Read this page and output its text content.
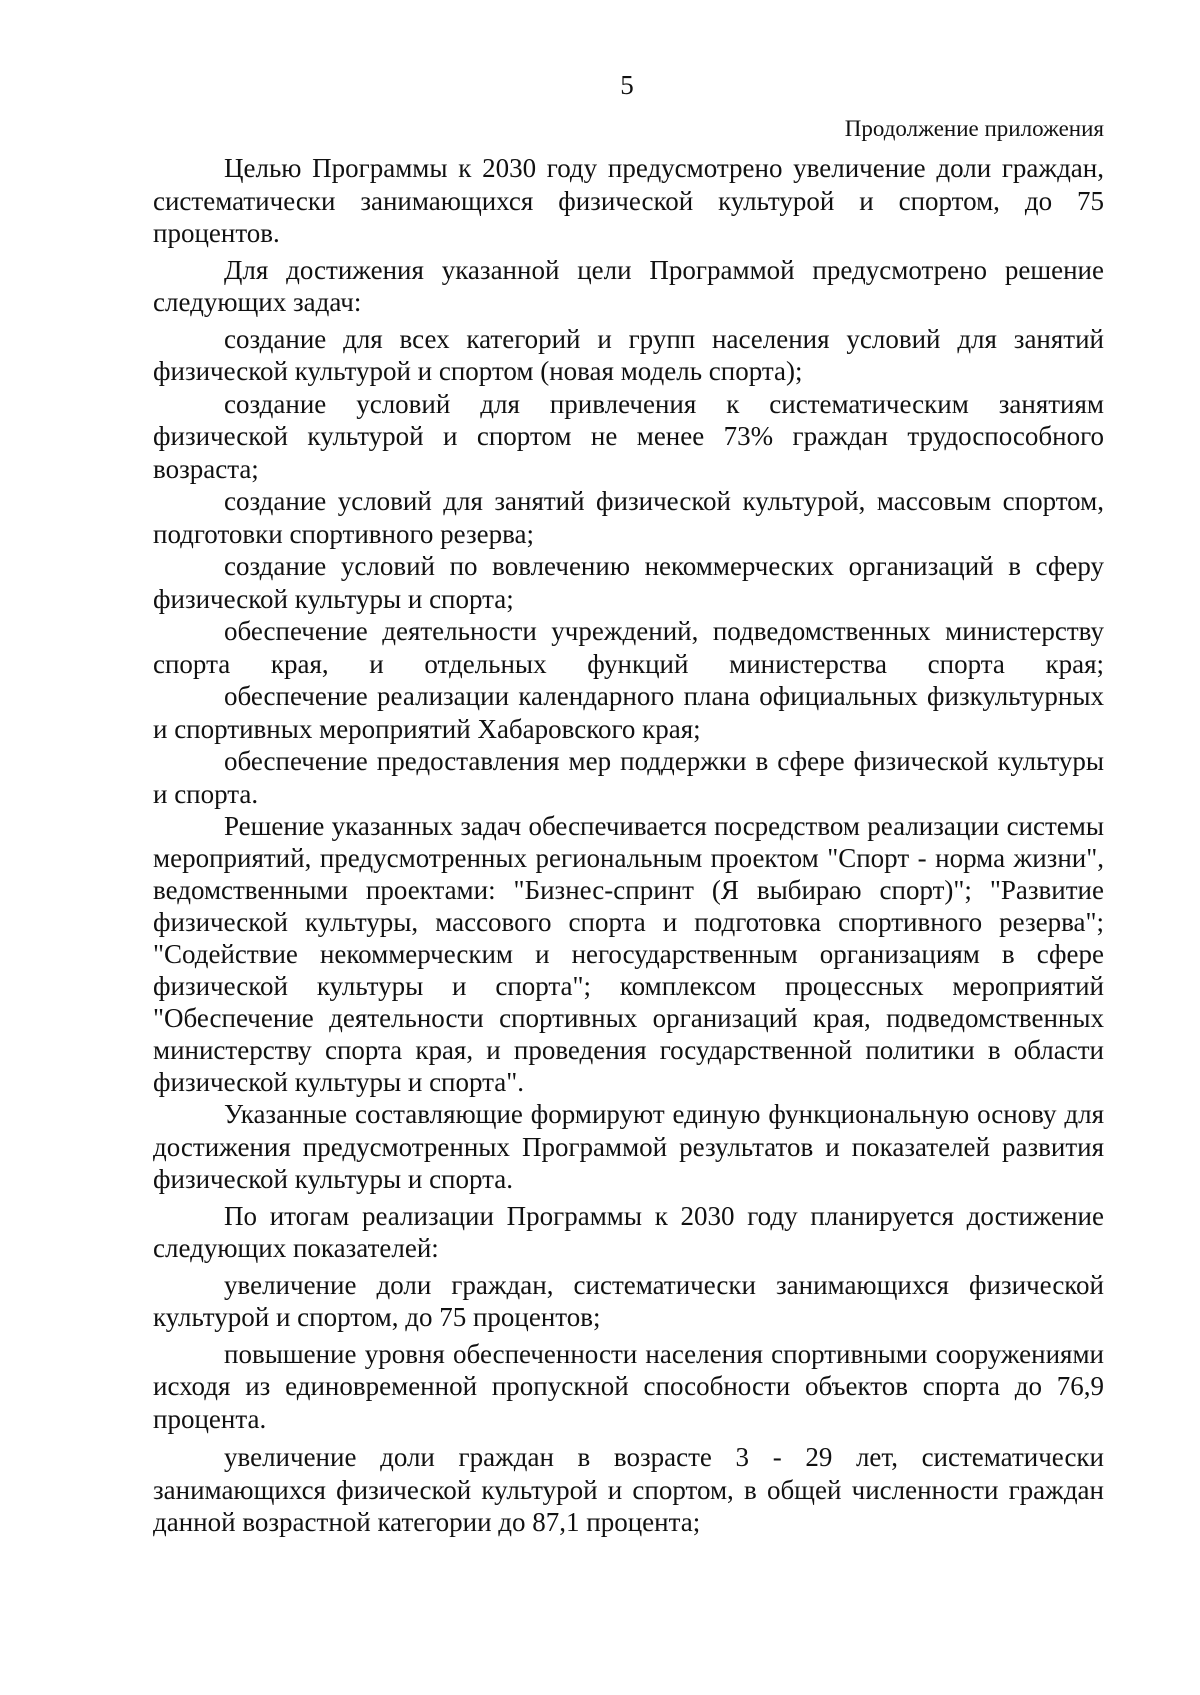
5
Продолжение приложения

Целью Программы к 2030 году предусмотрено увеличение доли граждан, систематически занимающихся физической культурой и спортом, до 75 процентов.

Для достижения указанной цели Программой предусмотрено решение следующих задач:

создание для всех категорий и групп населения условий для занятий физической культурой и спортом (новая модель спорта);

создание условий для привлечения к систематическим занятиям физической культурой и спортом не менее 73% граждан трудоспособного возраста;

создание условий для занятий физической культурой, массовым спортом, подготовки спортивного резерва;

создание условий по вовлечению некоммерческих организаций в сферу физической культуры и спорта;

обеспечение деятельности учреждений, подведомственных министерству спорта края, и отдельных функций министерства спорта края;

обеспечение реализации календарного плана официальных физкультурных и спортивных мероприятий Хабаровского края;

обеспечение предоставления мер поддержки в сфере физической культуры и спорта.

Решение указанных задач обеспечивается посредством реализации системы мероприятий, предусмотренных региональным проектом "Спорт - норма жизни", ведомственными проектами: "Бизнес-спринт (Я выбираю спорт)"; "Развитие физической культуры, массового спорта и подготовка спортивного резерва"; "Содействие некоммерческим и негосударственным организациям в сфере физической культуры и спорта"; комплексом процессных мероприятий "Обеспечение деятельности спортивных организаций края, подведомственных министерству спорта края, и проведения государственной политики в области физической культуры и спорта".

Указанные составляющие формируют единую функциональную основу для достижения предусмотренных Программой результатов и показателей развития физической культуры и спорта.

По итогам реализации Программы к 2030 году планируется достижение следующих показателей:

увеличение доли граждан, систематически занимающихся физической культурой и спортом, до 75 процентов;

повышение уровня обеспеченности населения спортивными сооружениями исходя из единовременной пропускной способности объектов спорта до 76,9 процента.

увеличение доли граждан в возрасте 3 - 29 лет, систематически занимающихся физической культурой и спортом, в общей численности граждан данной возрастной категории до 87,1 процента;
